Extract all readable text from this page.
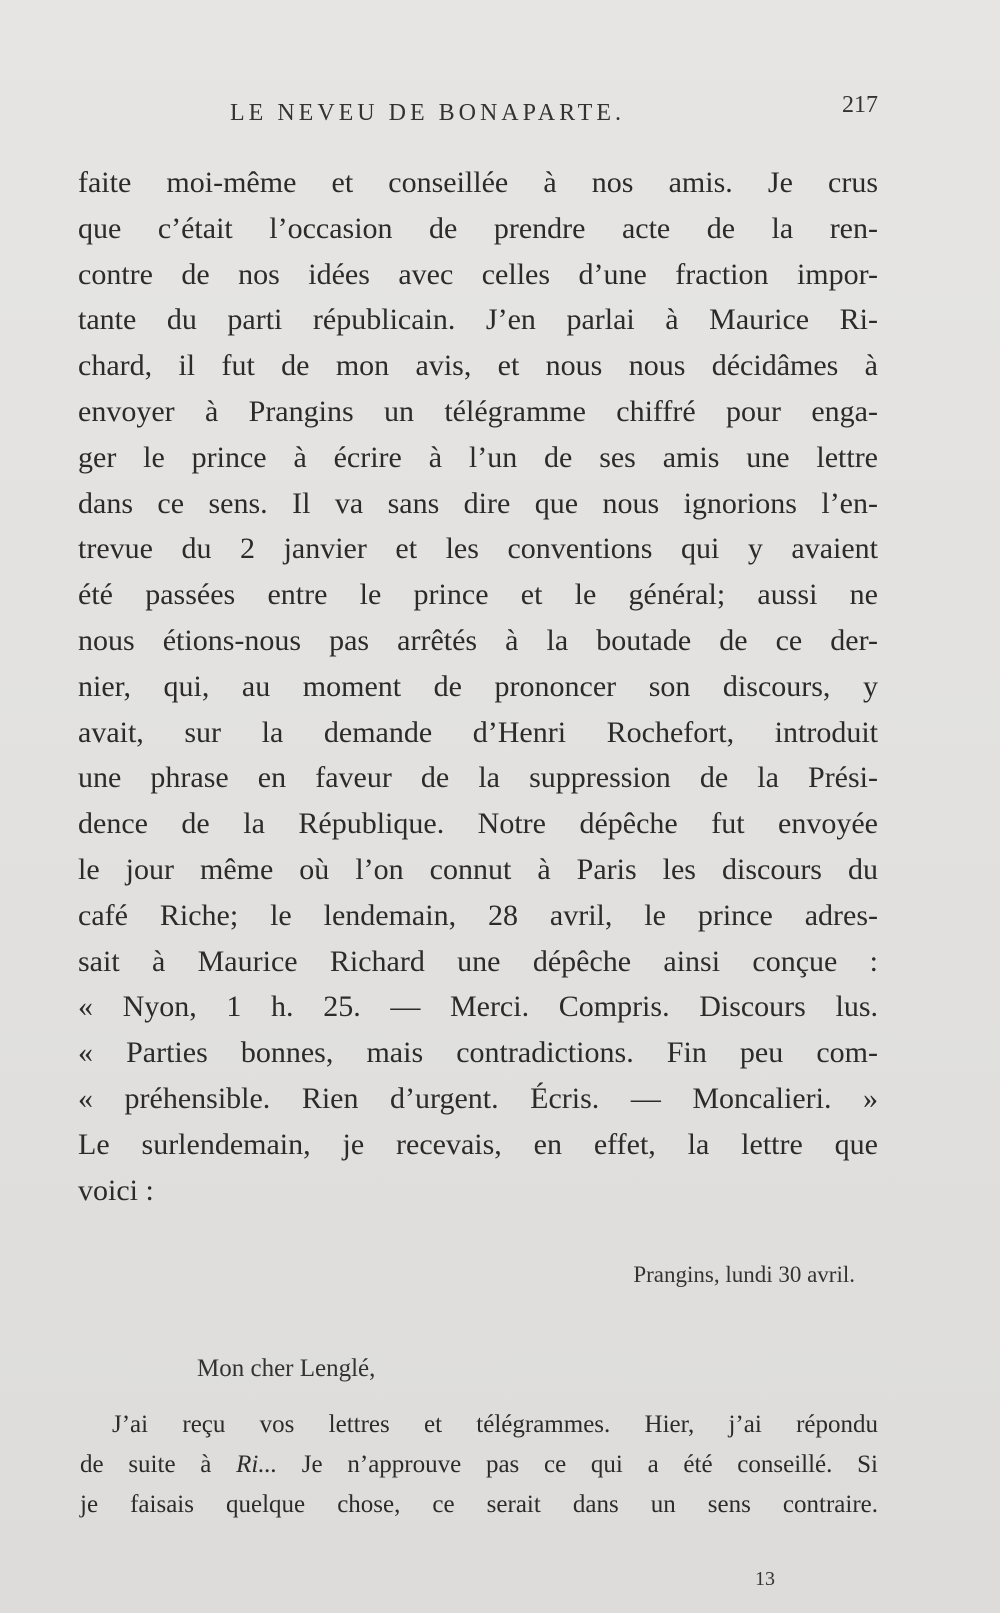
LE NEVEU DE BONAPARTE.	217
faite moi-même et conseillée à nos amis. Je crus
que c’était l’occasion de prendre acte de la ren-
contre de nos idées avec celles d’une fraction impor-
tante du parti républicain. J’en parlai à Maurice Ri-
chard, il fut de mon avis, et nous nous décidâmes à
envoyer à Prangins un télégramme chiffré pour enga-
ger le prince à écrire à l’un de ses amis une lettre
dans ce sens. Il va sans dire que nous ignorions l’en-
trevue du 2 janvier et les conventions qui y avaient
été passées entre le prince et le général; aussi ne
nous étions-nous pas arrêtés à la boutade de ce der-
nier, qui, au moment de prononcer son discours, y
avait, sur la demande d’Henri Rochefort, introduit
une phrase en faveur de la suppression de la Prési-
dence de la République. Notre dépêche fut envoyée
le jour même où l’on connut à Paris les discours du
café Riche; le lendemain, 28 avril, le prince adres-
sait à Maurice Richard une dépêche ainsi conçue :
« Nyon, 1 h. 25. — Merci. Compris. Discours lus.
« Parties bonnes, mais contradictions. Fin peu com-
« préhensible. Rien d’urgent. Écris. — Moncalieri. »
Le surlendemain, je recevais, en effet, la lettre que
voici :
Prangins, lundi 30 avril.
Mon cher Lenglé,
J’ai reçu vos lettres et télégrammes. Hier, j’ai répondu
de suite à Ri... Je n’approuve pas ce qui a été conseillé. Si
je faisais quelque chose, ce serait dans un sens contraire.
13
